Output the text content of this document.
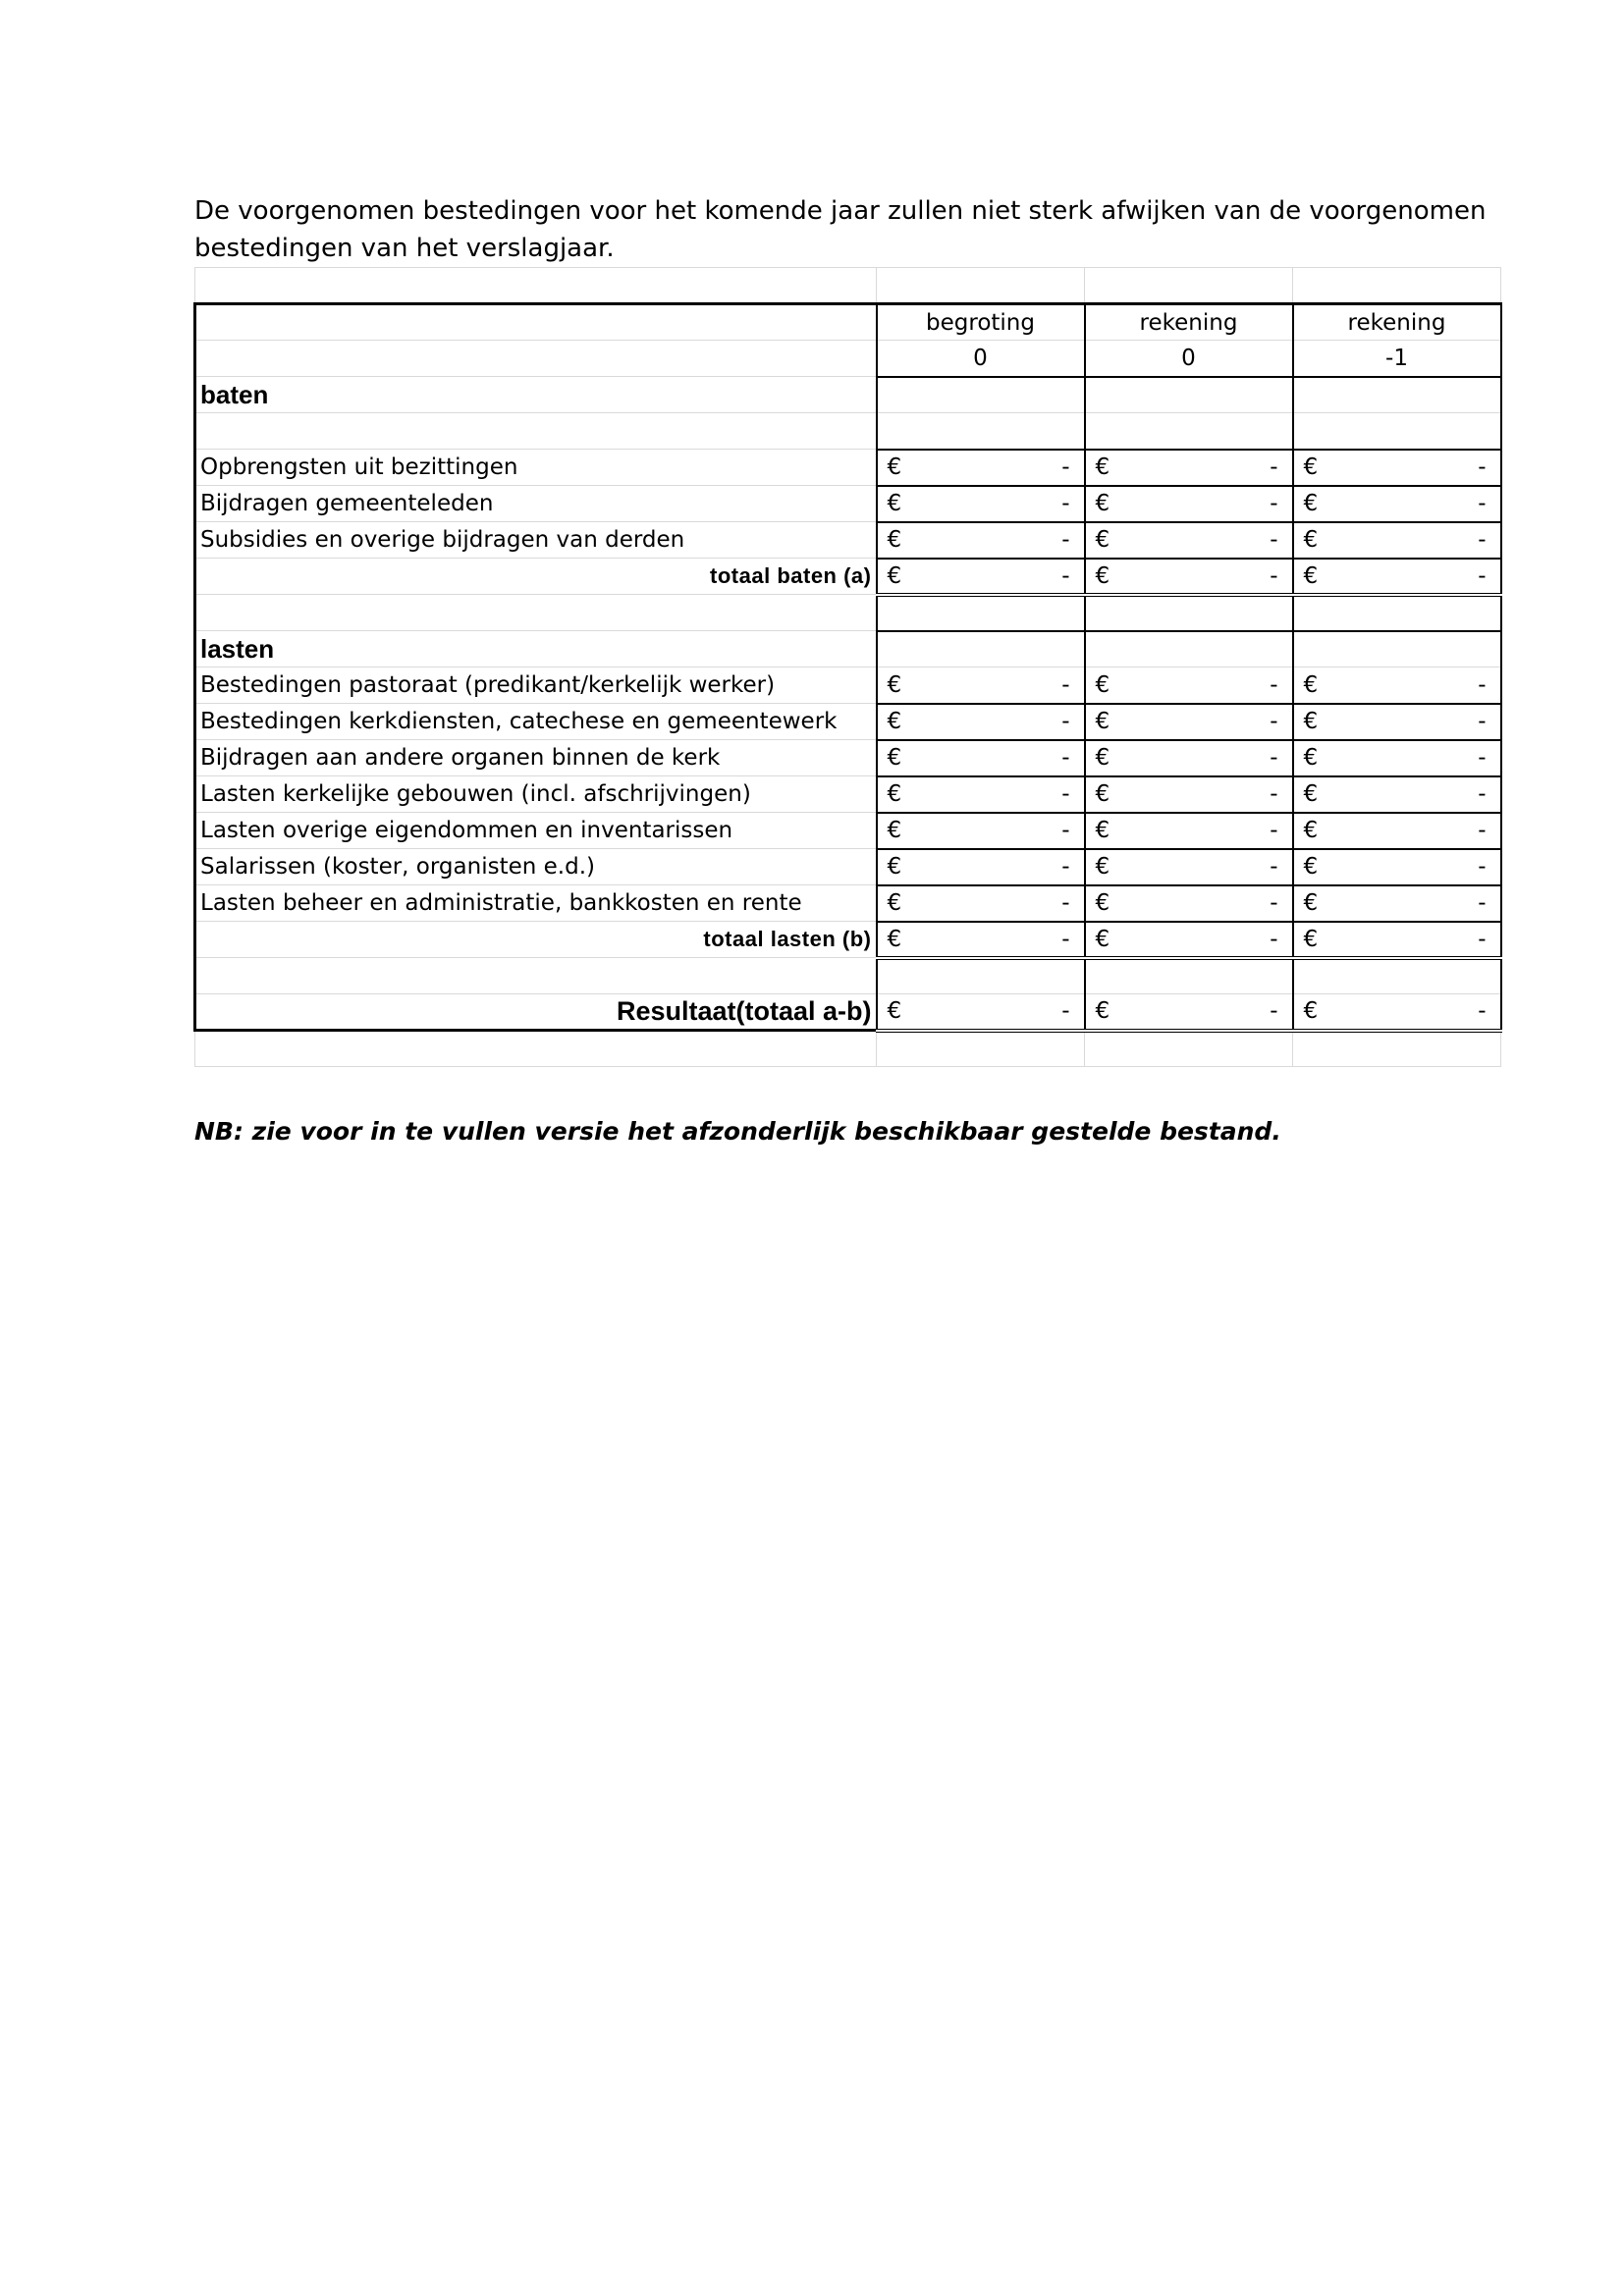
De voorgenomen bestedingen voor het komende jaar zullen niet sterk afwijken van de voorgenomen bestedingen van het verslagjaar.

	begroting	rekening	rekening
	0	0	-1
baten			

Opbrengsten uit bezittingen	€ -	€ -	€ -

Bijdragen gemeenteleden	€ -	€ -	€ -

Subsidies en overige bijdragen van derden	€ -	€ -	€ -

totaal baten (a)	€ -	€ -	€ -

lasten			
Bestedingen pastoraat (predikant/kerkelijk werker)	€ -	€ -	€ -

Bestedingen kerkdiensten, catechese en gemeentewerk	€ -	€ -	€ -

Bijdragen aan andere organen binnen de kerk	€ -	€ -	€ -

Lasten kerkelijke gebouwen (incl. afschrijvingen)	€ -	€ -	€ -

Lasten overige eigendommen en inventarissen	€ -	€ -	€ -

Salarissen (koster, organisten e.d.)	€ -	€ -	€ -

Lasten beheer en administratie, bankkosten en rente	€ -	€ -	€ -

totaal lasten (b)	€ -	€ -	€ -

Resultaat(totaal a-b)	€ -	€ -	€ -

NB: zie voor in te vullen versie het afzonderlijk beschikbaar gestelde bestand.
